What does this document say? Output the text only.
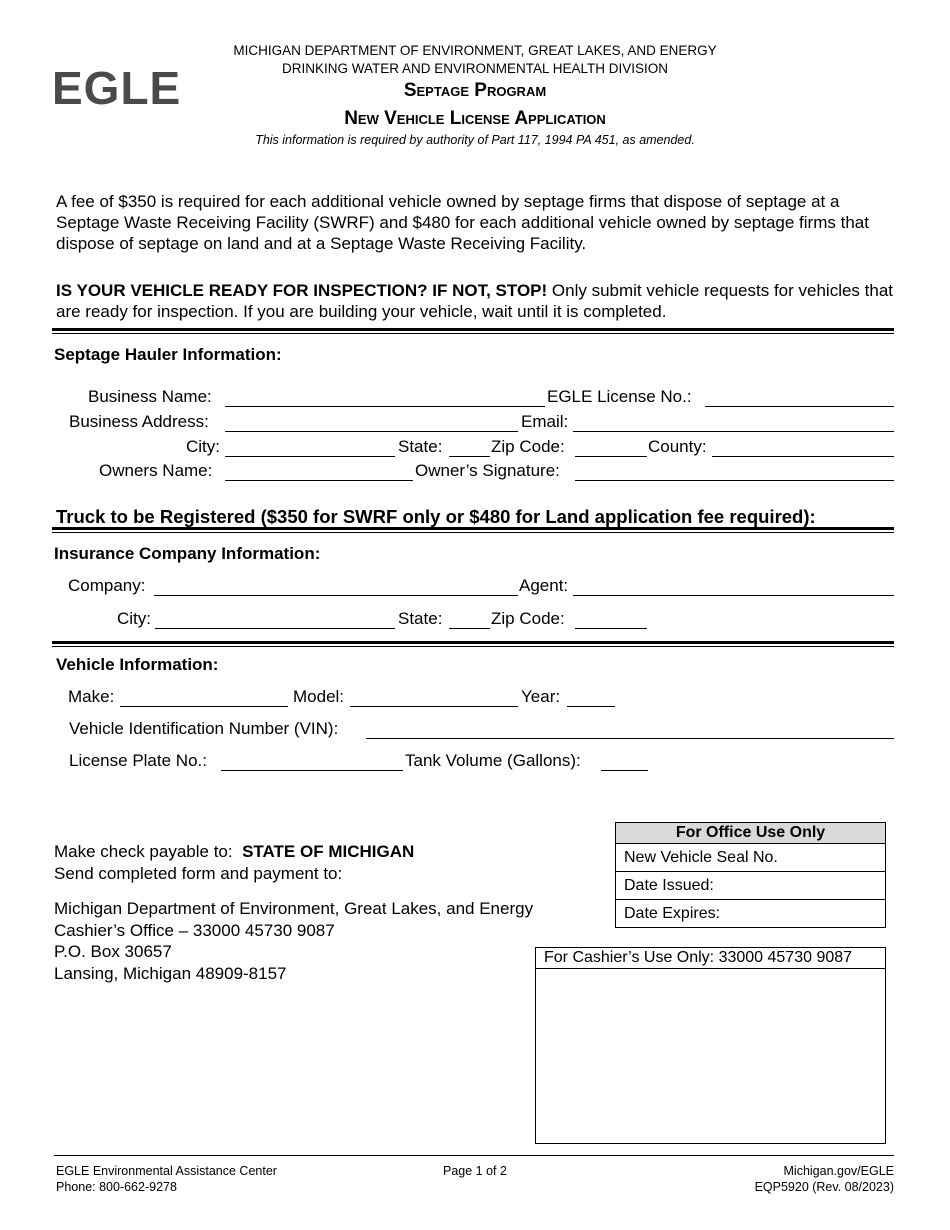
EGLE
MICHIGAN DEPARTMENT OF ENVIRONMENT, GREAT LAKES, AND ENERGY
DRINKING WATER AND ENVIRONMENTAL HEALTH DIVISION
Septage Program
New Vehicle License Application
This information is required by authority of Part 117, 1994 PA 451, as amended.
A fee of $350 is required for each additional vehicle owned by septage firms that dispose of septage at a Septage Waste Receiving Facility (SWRF) and $480 for each additional vehicle owned by septage firms that dispose of septage on land and at a Septage Waste Receiving Facility.
IS YOUR VEHICLE READY FOR INSPECTION? IF NOT, STOP! Only submit vehicle requests for vehicles that are ready for inspection. If you are building your vehicle, wait until it is completed.
Septage Hauler Information:
Business Name:	EGLE License No.:
Business Address:	Email:
City:	State:	Zip Code:	County:
Owners Name:	Owner’s Signature:
Truck to be Registered ($350 for SWRF only or $480 for Land application fee required):
Insurance Company Information:
Company:	Agent:
City:	State:	Zip Code:
Vehicle Information:
Make:	Model:	Year:
Vehicle Identification Number (VIN):
License Plate No.:	Tank Volume (Gallons):
Make check payable to: STATE OF MICHIGAN
Send completed form and payment to:
Michigan Department of Environment, Great Lakes, and Energy
Cashier’s Office – 33000 45730 9087
P.O. Box 30657
Lansing, Michigan 48909-8157
For Office Use Only
New Vehicle Seal No.
Date Issued:
Date Expires:
For Cashier’s Use Only: 33000 45730 9087
EGLE Environmental Assistance Center
Phone: 800-662-9278
Page 1 of 2	Michigan.gov/EGLE
EQP5920 (Rev. 08/2023)
